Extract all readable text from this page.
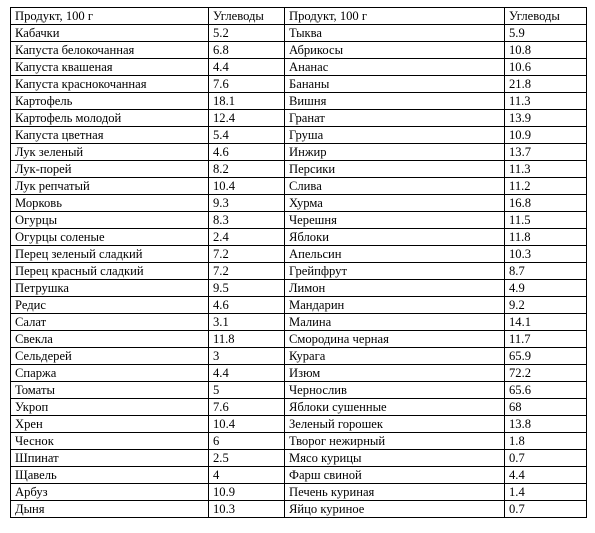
Продукт, 100 г	Углеводы	Продукт, 100 г	Углеводы
Кабачки	5.2	Тыква	5.9
Капуста белокочанная	6.8	Абрикосы	10.8
Капуста квашеная	4.4	Ананас	10.6
Капуста краснокочанная	7.6	Бананы	21.8
Картофель	18.1	Вишня	11.3
Картофель молодой	12.4	Гранат	13.9
Капуста цветная	5.4	Груша	10.9
Лук зеленый	4.6	Инжир	13.7
Лук-порей	8.2	Персики	11.3
Лук репчатый	10.4	Слива	11.2
Морковь	9.3	Хурма	16.8
Огурцы	8.3	Черешня	11.5
Огурцы соленые	2.4	Яблоки	11.8
Перец зеленый сладкий	7.2	Апельсин	10.3
Перец красный сладкий	7.2	Грейпфрут	8.7
Петрушка	9.5	Лимон	4.9
Редис	4.6	Мандарин	9.2
Салат	3.1	Малина	14.1
Свекла	11.8	Смородина черная	11.7
Сельдерей	3	Курага	65.9
Спаржа	4.4	Изюм	72.2
Томаты	5	Чернослив	65.6
Укроп	7.6	Яблоки сушенные	68
Хрен	10.4	Зеленый горошек	13.8
Чеснок	6	Творог нежирный	1.8
Шпинат	2.5	Мясо курицы	0.7
Щавель	4	Фарш свиной	4.4
Арбуз	10.9	Печень куриная	1.4
Дыня	10.3	Яйцо куриное	0.7
